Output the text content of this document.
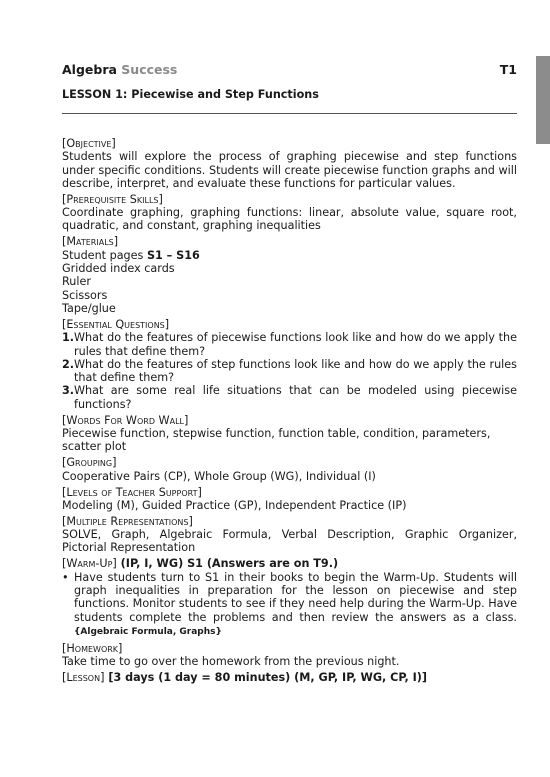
Algebra Success	T1
LESSON 1: Piecewise and Step Functions
[Objective]
Students will explore the process of graphing piecewise and step functions under specific conditions. Students will create piecewise function graphs and will describe, interpret, and evaluate these functions for particular values.
[Prerequisite Skills]
Coordinate graphing, graphing functions: linear, absolute value, square root, quadratic, and constant, graphing inequalities
[Materials]
Student pages S1 – S16
Gridded index cards
Ruler
Scissors
Tape/glue
[Essential Questions]
1. What do the features of piecewise functions look like and how do we apply the rules that define them?
2. What do the features of step functions look like and how do we apply the rules that define them?
3. What are some real life situations that can be modeled using piecewise functions?
[Words For Word Wall]
Piecewise function, stepwise function, function table, condition, parameters, scatter plot
[Grouping]
Cooperative Pairs (CP), Whole Group (WG), Individual (I)
[Levels of Teacher Support]
Modeling (M), Guided Practice (GP), Independent Practice (IP)
[Multiple Representations]
SOLVE, Graph, Algebraic Formula, Verbal Description, Graphic Organizer, Pictorial Representation
[Warm-Up] (IP, I, WG) S1 (Answers are on T9.)
• Have students turn to S1 in their books to begin the Warm-Up. Students will graph inequalities in preparation for the lesson on piecewise and step functions. Monitor students to see if they need help during the Warm-Up. Have students complete the problems and then review the answers as a class. {Algebraic Formula, Graphs}
[Homework]
Take time to go over the homework from the previous night.
[Lesson] [3 days (1 day = 80 minutes) (M, GP, IP, WG, CP, I)]
